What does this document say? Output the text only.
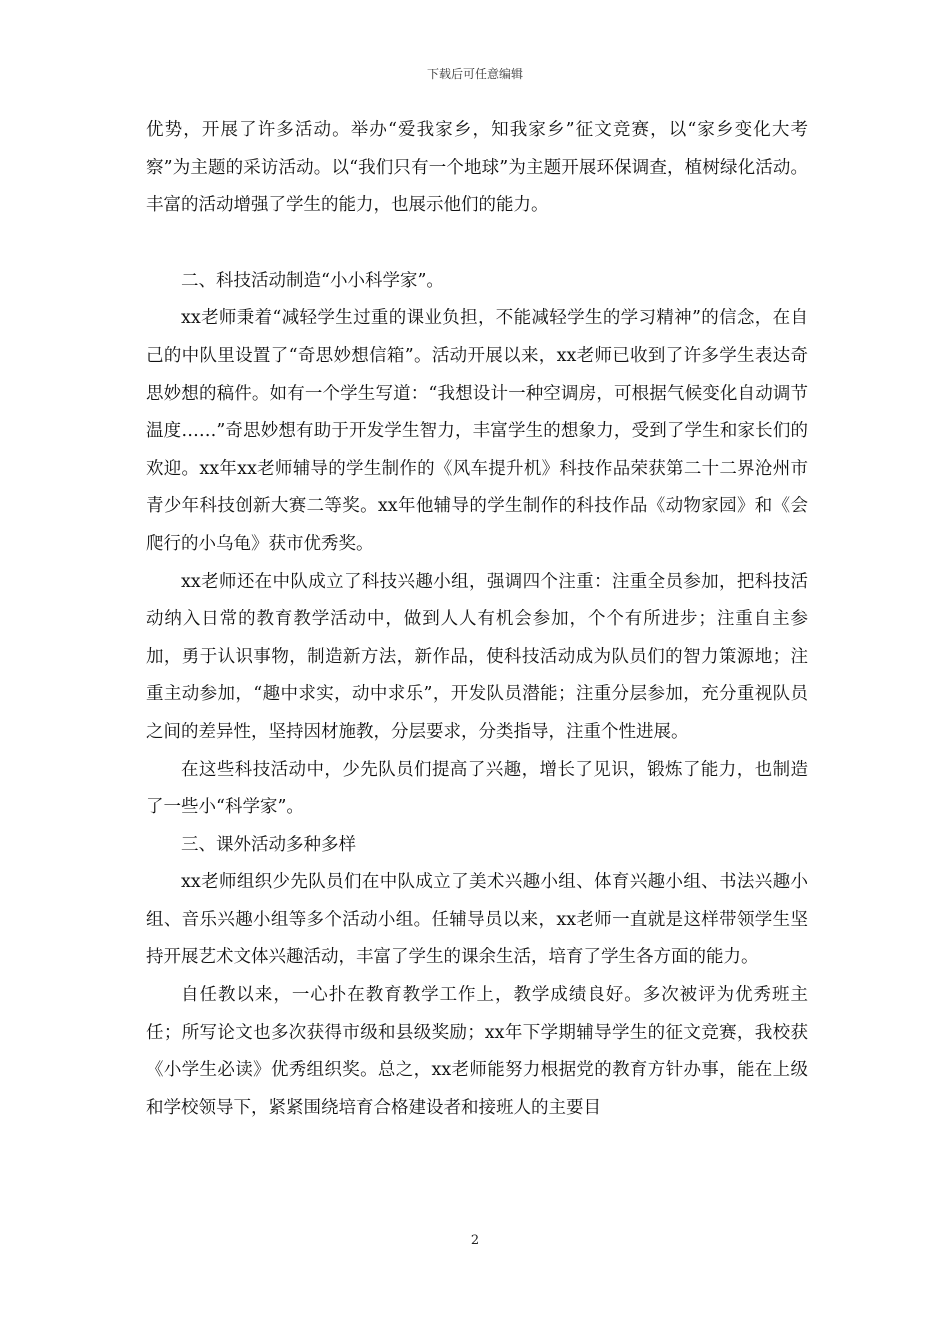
下载后可任意编辑

优势，开展了许多活动。举办“爱我家乡，知我家乡”征文竞赛，以“家乡变化大考察”为主题的采访活动。以“我们只有一个地球”为主题开展环保调查，植树绿化活动。丰富的活动增强了学生的能力，也展示他们的能力。

二、科技活动制造“小小科学家”。

xx老师秉着“减轻学生过重的课业负担，不能减轻学生的学习精神”的信念，在自己的中队里设置了“奇思妙想信箱”。活动开展以来，xx老师已收到了许多学生表达奇思妙想的稿件。如有一个学生写道：“我想设计一种空调房，可根据气候变化自动调节温度……”奇思妙想有助于开发学生智力，丰富学生的想象力，受到了学生和家长们的欢迎。xx年xx老师辅导的学生制作的《风车提升机》科技作品荣获第二十二界沧州市青少年科技创新大赛二等奖。xx年他辅导的学生制作的科技作品《动物家园》和《会爬行的小乌龟》获市优秀奖。

xx老师还在中队成立了科技兴趣小组，强调四个注重：注重全员参加，把科技活动纳入日常的教育教学活动中，做到人人有机会参加，个个有所进步；注重自主参加，勇于认识事物，制造新方法，新作品，使科技活动成为队员们的智力策源地；注重主动参加，“趣中求实，动中求乐”，开发队员潜能；注重分层参加，充分重视队员之间的差异性，坚持因材施教，分层要求，分类指导，注重个性进展。

在这些科技活动中，少先队员们提高了兴趣，增长了见识，锻炼了能力，也制造了一些小“科学家”。

三、课外活动多种多样

xx老师组织少先队员们在中队成立了美术兴趣小组、体育兴趣小组、书法兴趣小组、音乐兴趣小组等多个活动小组。任辅导员以来，xx老师一直就是这样带领学生坚持开展艺术文体兴趣活动，丰富了学生的课余生活，培育了学生各方面的能力。

自任教以来，一心扑在教育教学工作上，教学成绩良好。多次被评为优秀班主任；所写论文也多次获得市级和县级奖励；xx年下学期辅导学生的征文竞赛，我校获《小学生必读》优秀组织奖。总之，xx老师能努力根据党的教育方针办事，能在上级和学校领导下，紧紧围绕培育合格建设者和接班人的主要目

2
